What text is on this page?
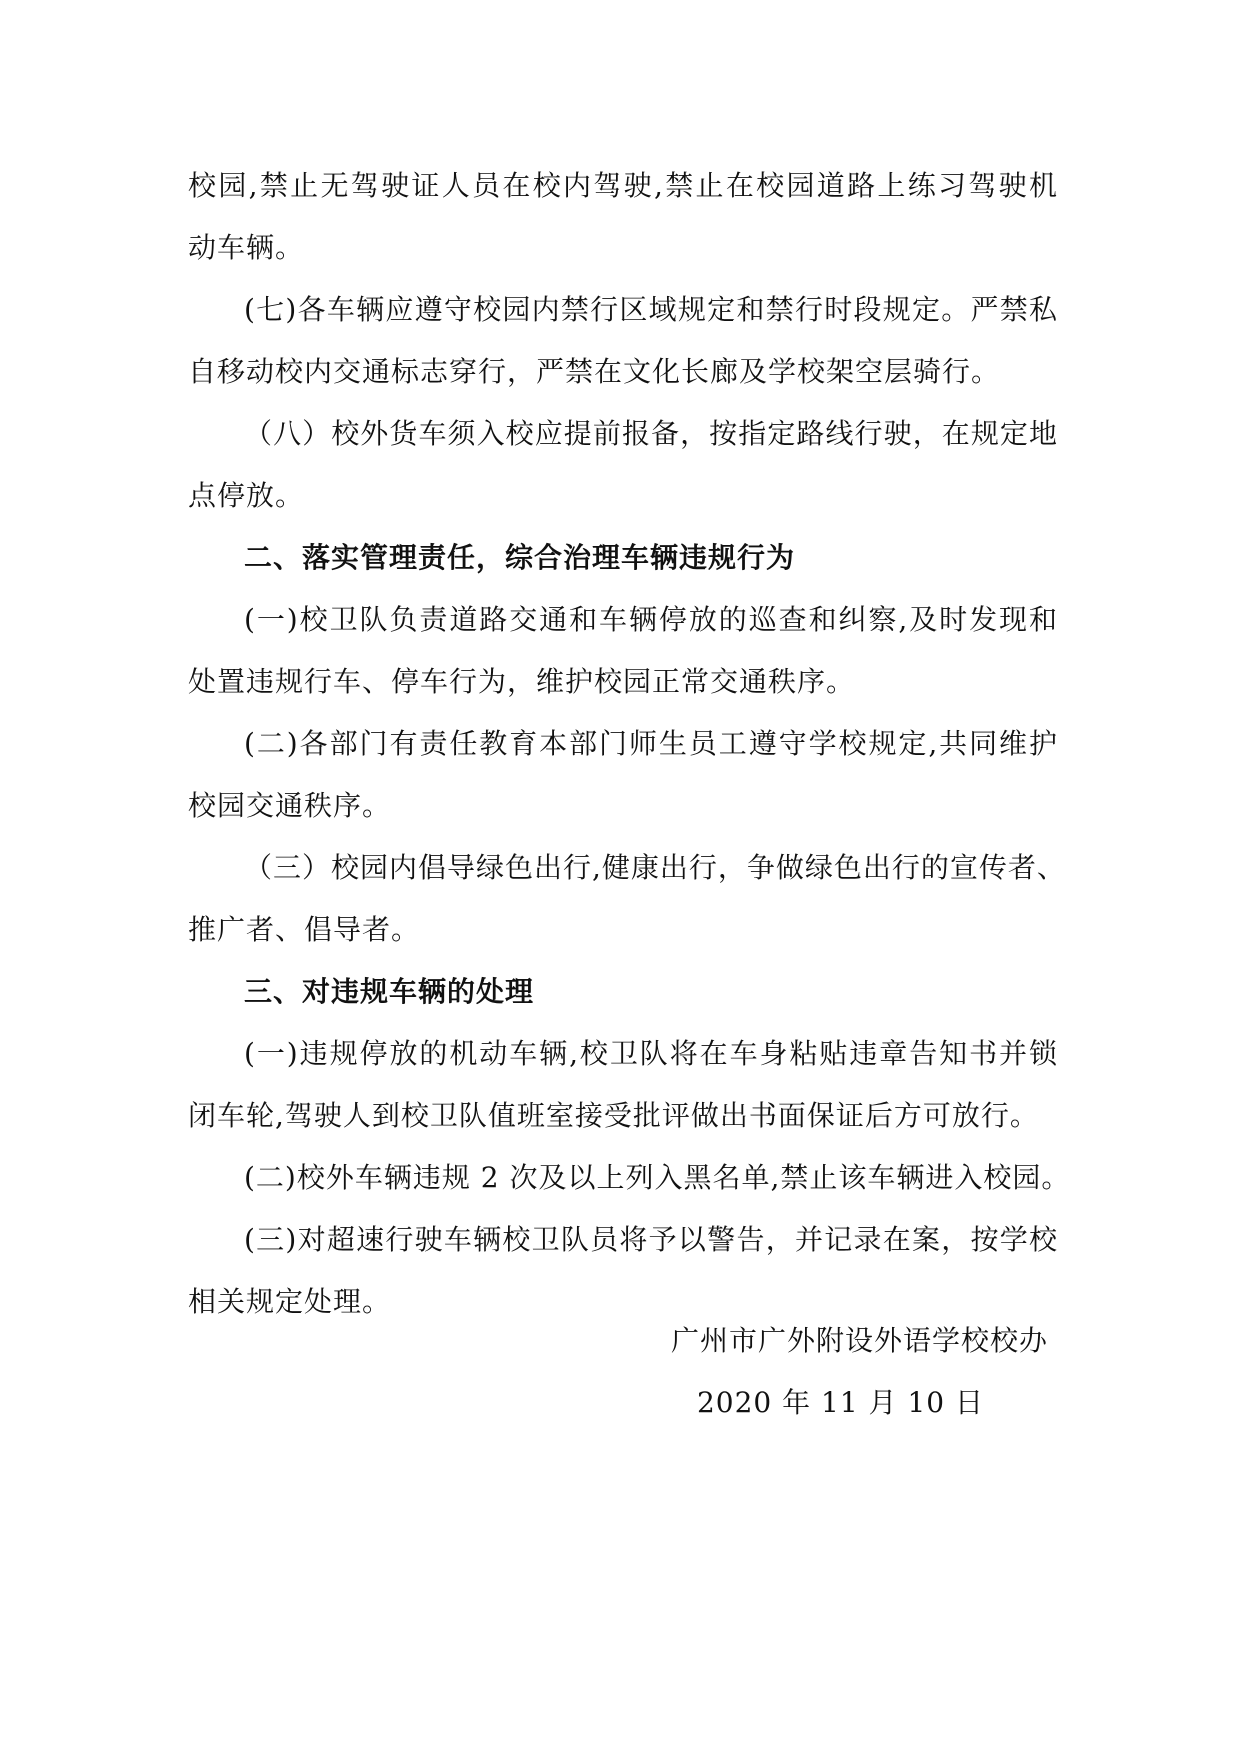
校园,禁止无驾驶证人员在校内驾驶,禁止在校园道路上练习驾驶机
动车辆。
(七)各车辆应遵守校园内禁行区域规定和禁行时段规定。严禁私
自移动校内交通标志穿行，严禁在文化长廊及学校架空层骑行。
（八）校外货车须入校应提前报备，按指定路线行驶，在规定地
点停放。
二、落实管理责任，综合治理车辆违规行为
(一)校卫队负责道路交通和车辆停放的巡查和纠察,及时发现和
处置违规行车、停车行为，维护校园正常交通秩序。
(二)各部门有责任教育本部门师生员工遵守学校规定,共同维护
校园交通秩序。
（三）校园内倡导绿色出行,健康出行，争做绿色出行的宣传者、
推广者、倡导者。
三、对违规车辆的处理
(一)违规停放的机动车辆,校卫队将在车身粘贴违章告知书并锁
闭车轮,驾驶人到校卫队值班室接受批评做出书面保证后方可放行。
(二)校外车辆违规 2 次及以上列入黑名单,禁止该车辆进入校园。
(三)对超速行驶车辆校卫队员将予以警告，并记录在案，按学校
相关规定处理。
广州市广外附设外语学校校办
2020 年 11 月 10 日
